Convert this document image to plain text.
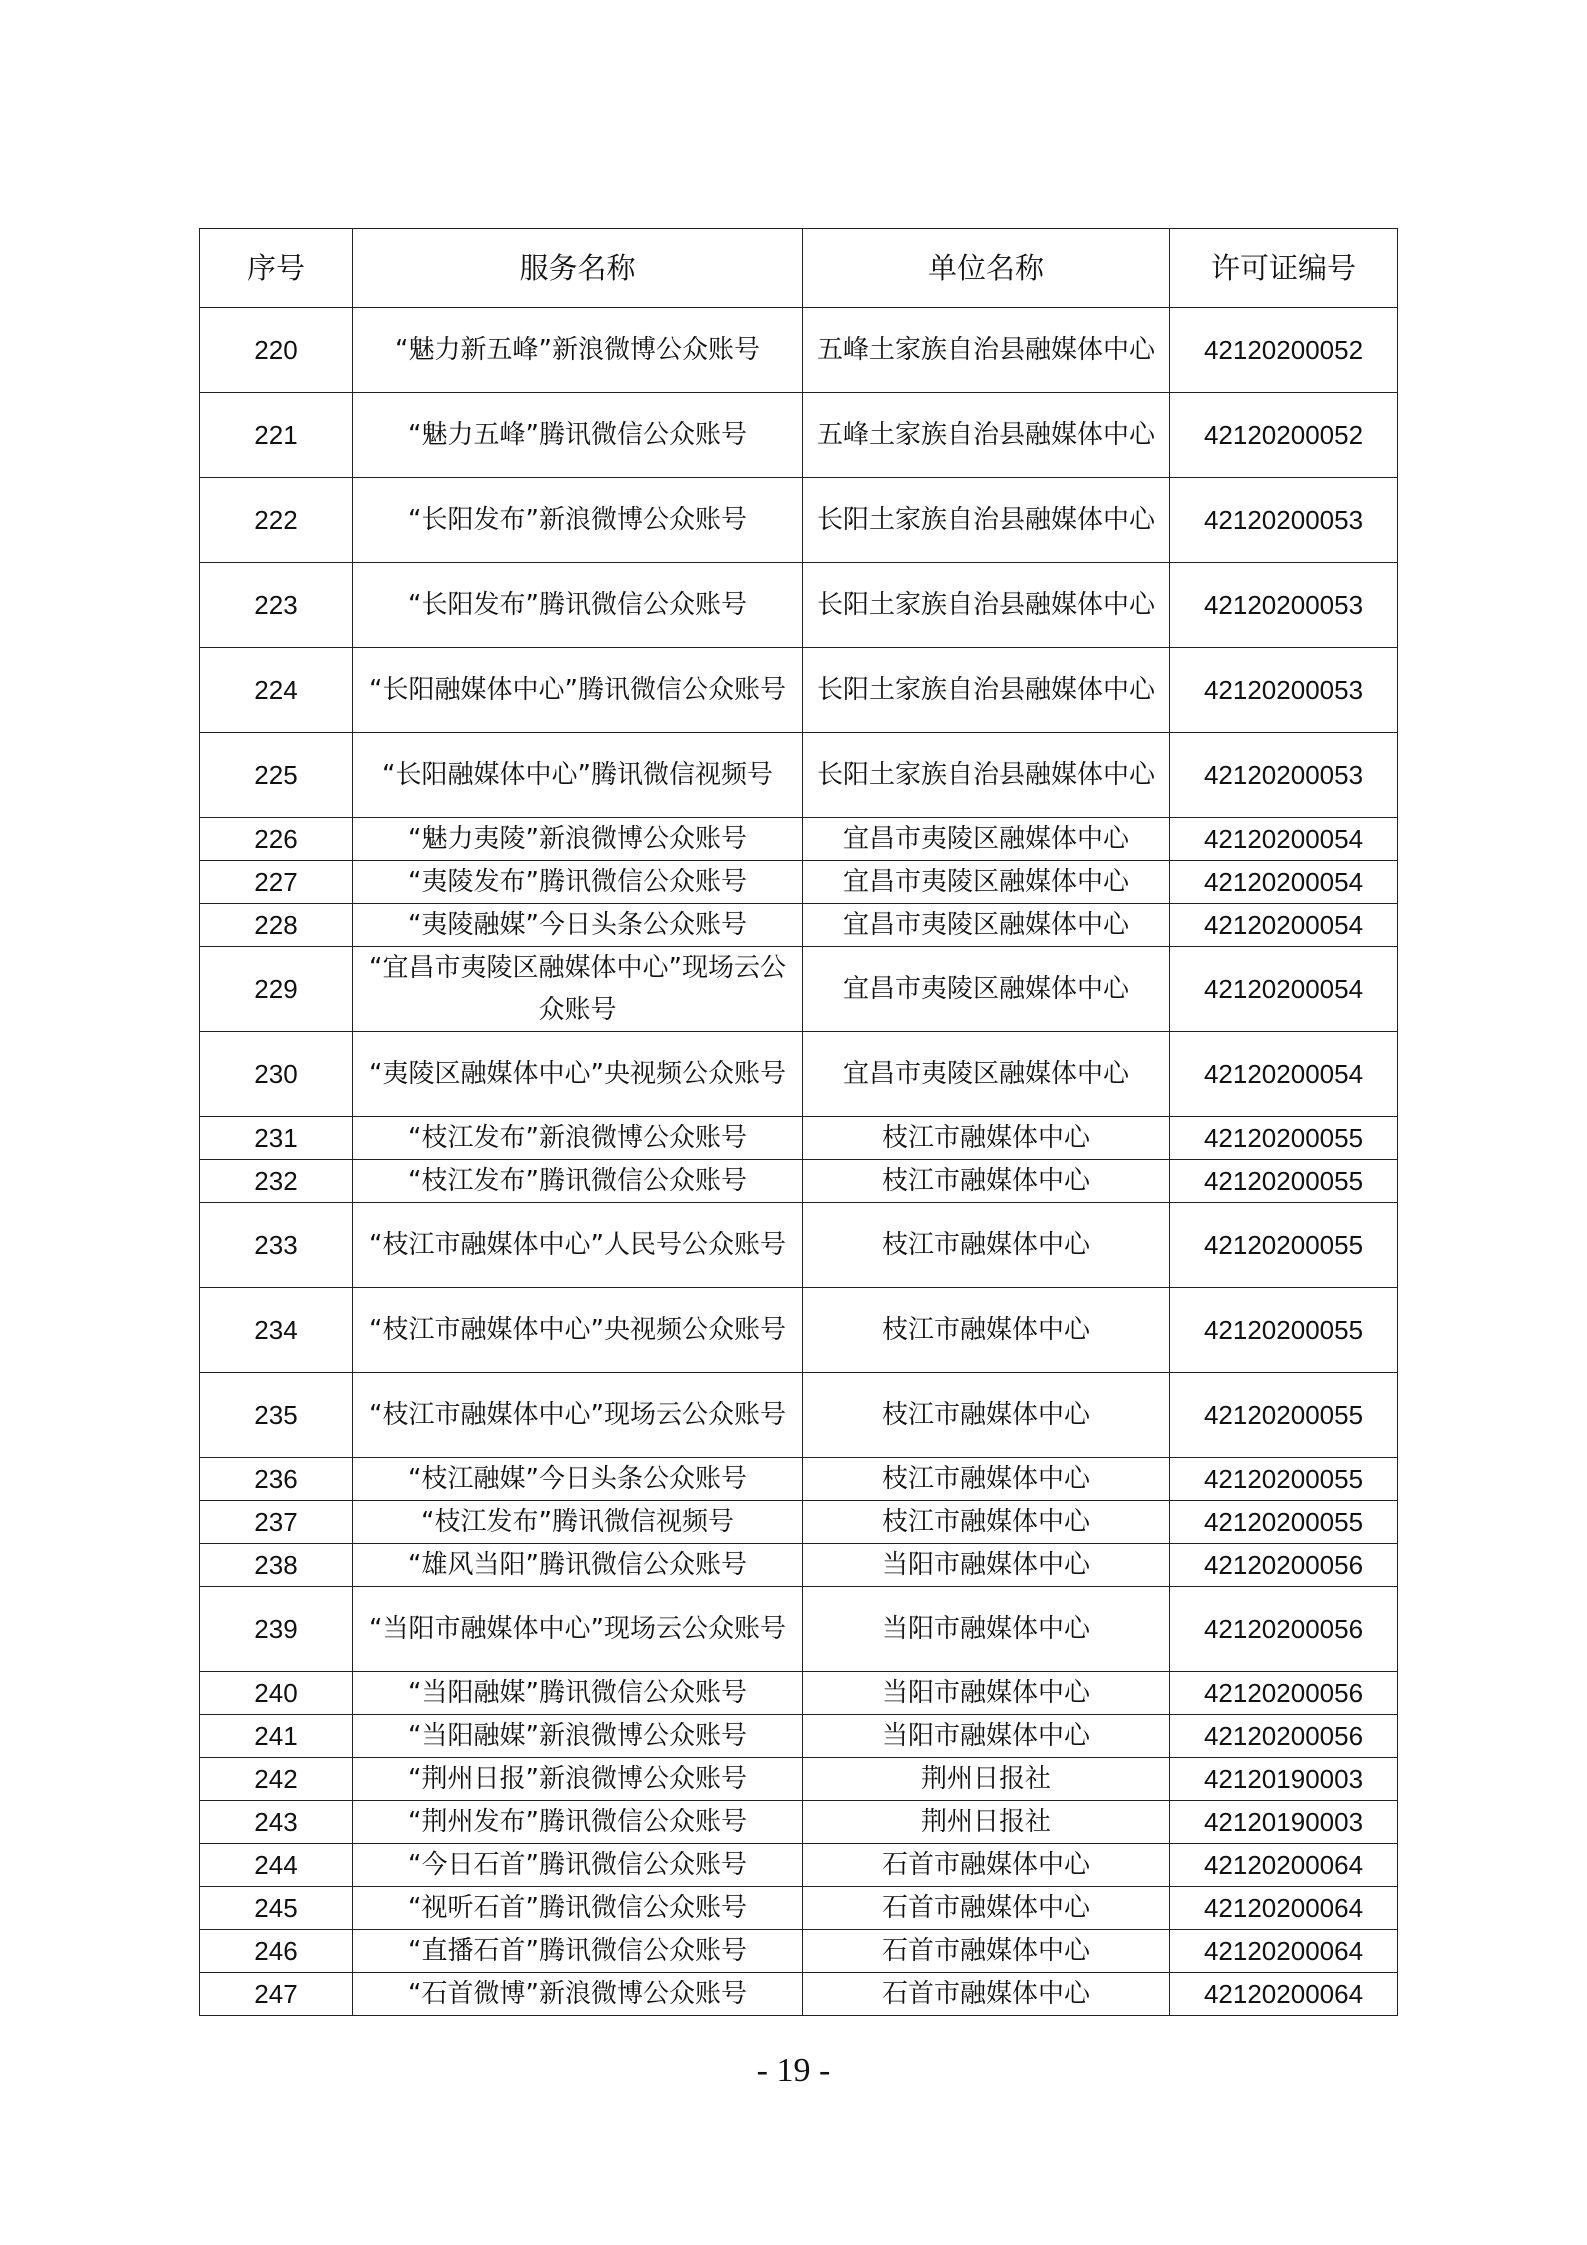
序号	服务名称	单位名称	许可证编号
220	“魅力新五峰”新浪微博公众账号	五峰土家族自治县融媒体中心	42120200052
221	“魅力五峰”腾讯微信公众账号	五峰土家族自治县融媒体中心	42120200052
222	“长阳发布”新浪微博公众账号	长阳土家族自治县融媒体中心	42120200053
223	“长阳发布”腾讯微信公众账号	长阳土家族自治县融媒体中心	42120200053
224	“长阳融媒体中心”腾讯微信公众账号	长阳土家族自治县融媒体中心	42120200053
225	“长阳融媒体中心”腾讯微信视频号	长阳土家族自治县融媒体中心	42120200053
226	“魅力夷陵”新浪微博公众账号	宜昌市夷陵区融媒体中心	42120200054
227	“夷陵发布”腾讯微信公众账号	宜昌市夷陵区融媒体中心	42120200054
228	“夷陵融媒”今日头条公众账号	宜昌市夷陵区融媒体中心	42120200054
229	“宜昌市夷陵区融媒体中心”现场云公众账号	宜昌市夷陵区融媒体中心	42120200054
230	“夷陵区融媒体中心”央视频公众账号	宜昌市夷陵区融媒体中心	42120200054
231	“枝江发布”新浪微博公众账号	枝江市融媒体中心	42120200055
232	“枝江发布”腾讯微信公众账号	枝江市融媒体中心	42120200055
233	“枝江市融媒体中心”人民号公众账号	枝江市融媒体中心	42120200055
234	“枝江市融媒体中心”央视频公众账号	枝江市融媒体中心	42120200055
235	“枝江市融媒体中心”现场云公众账号	枝江市融媒体中心	42120200055
236	“枝江融媒”今日头条公众账号	枝江市融媒体中心	42120200055
237	“枝江发布”腾讯微信视频号	枝江市融媒体中心	42120200055
238	“雄风当阳”腾讯微信公众账号	当阳市融媒体中心	42120200056
239	“当阳市融媒体中心”现场云公众账号	当阳市融媒体中心	42120200056
240	“当阳融媒”腾讯微信公众账号	当阳市融媒体中心	42120200056
241	“当阳融媒”新浪微博公众账号	当阳市融媒体中心	42120200056
242	“荆州日报”新浪微博公众账号	荆州日报社	42120190003
243	“荆州发布”腾讯微信公众账号	荆州日报社	42120190003
244	“今日石首”腾讯微信公众账号	石首市融媒体中心	42120200064
245	“视听石首”腾讯微信公众账号	石首市融媒体中心	42120200064
246	“直播石首”腾讯微信公众账号	石首市融媒体中心	42120200064
247	“石首微博”新浪微博公众账号	石首市融媒体中心	42120200064
- 19 -
